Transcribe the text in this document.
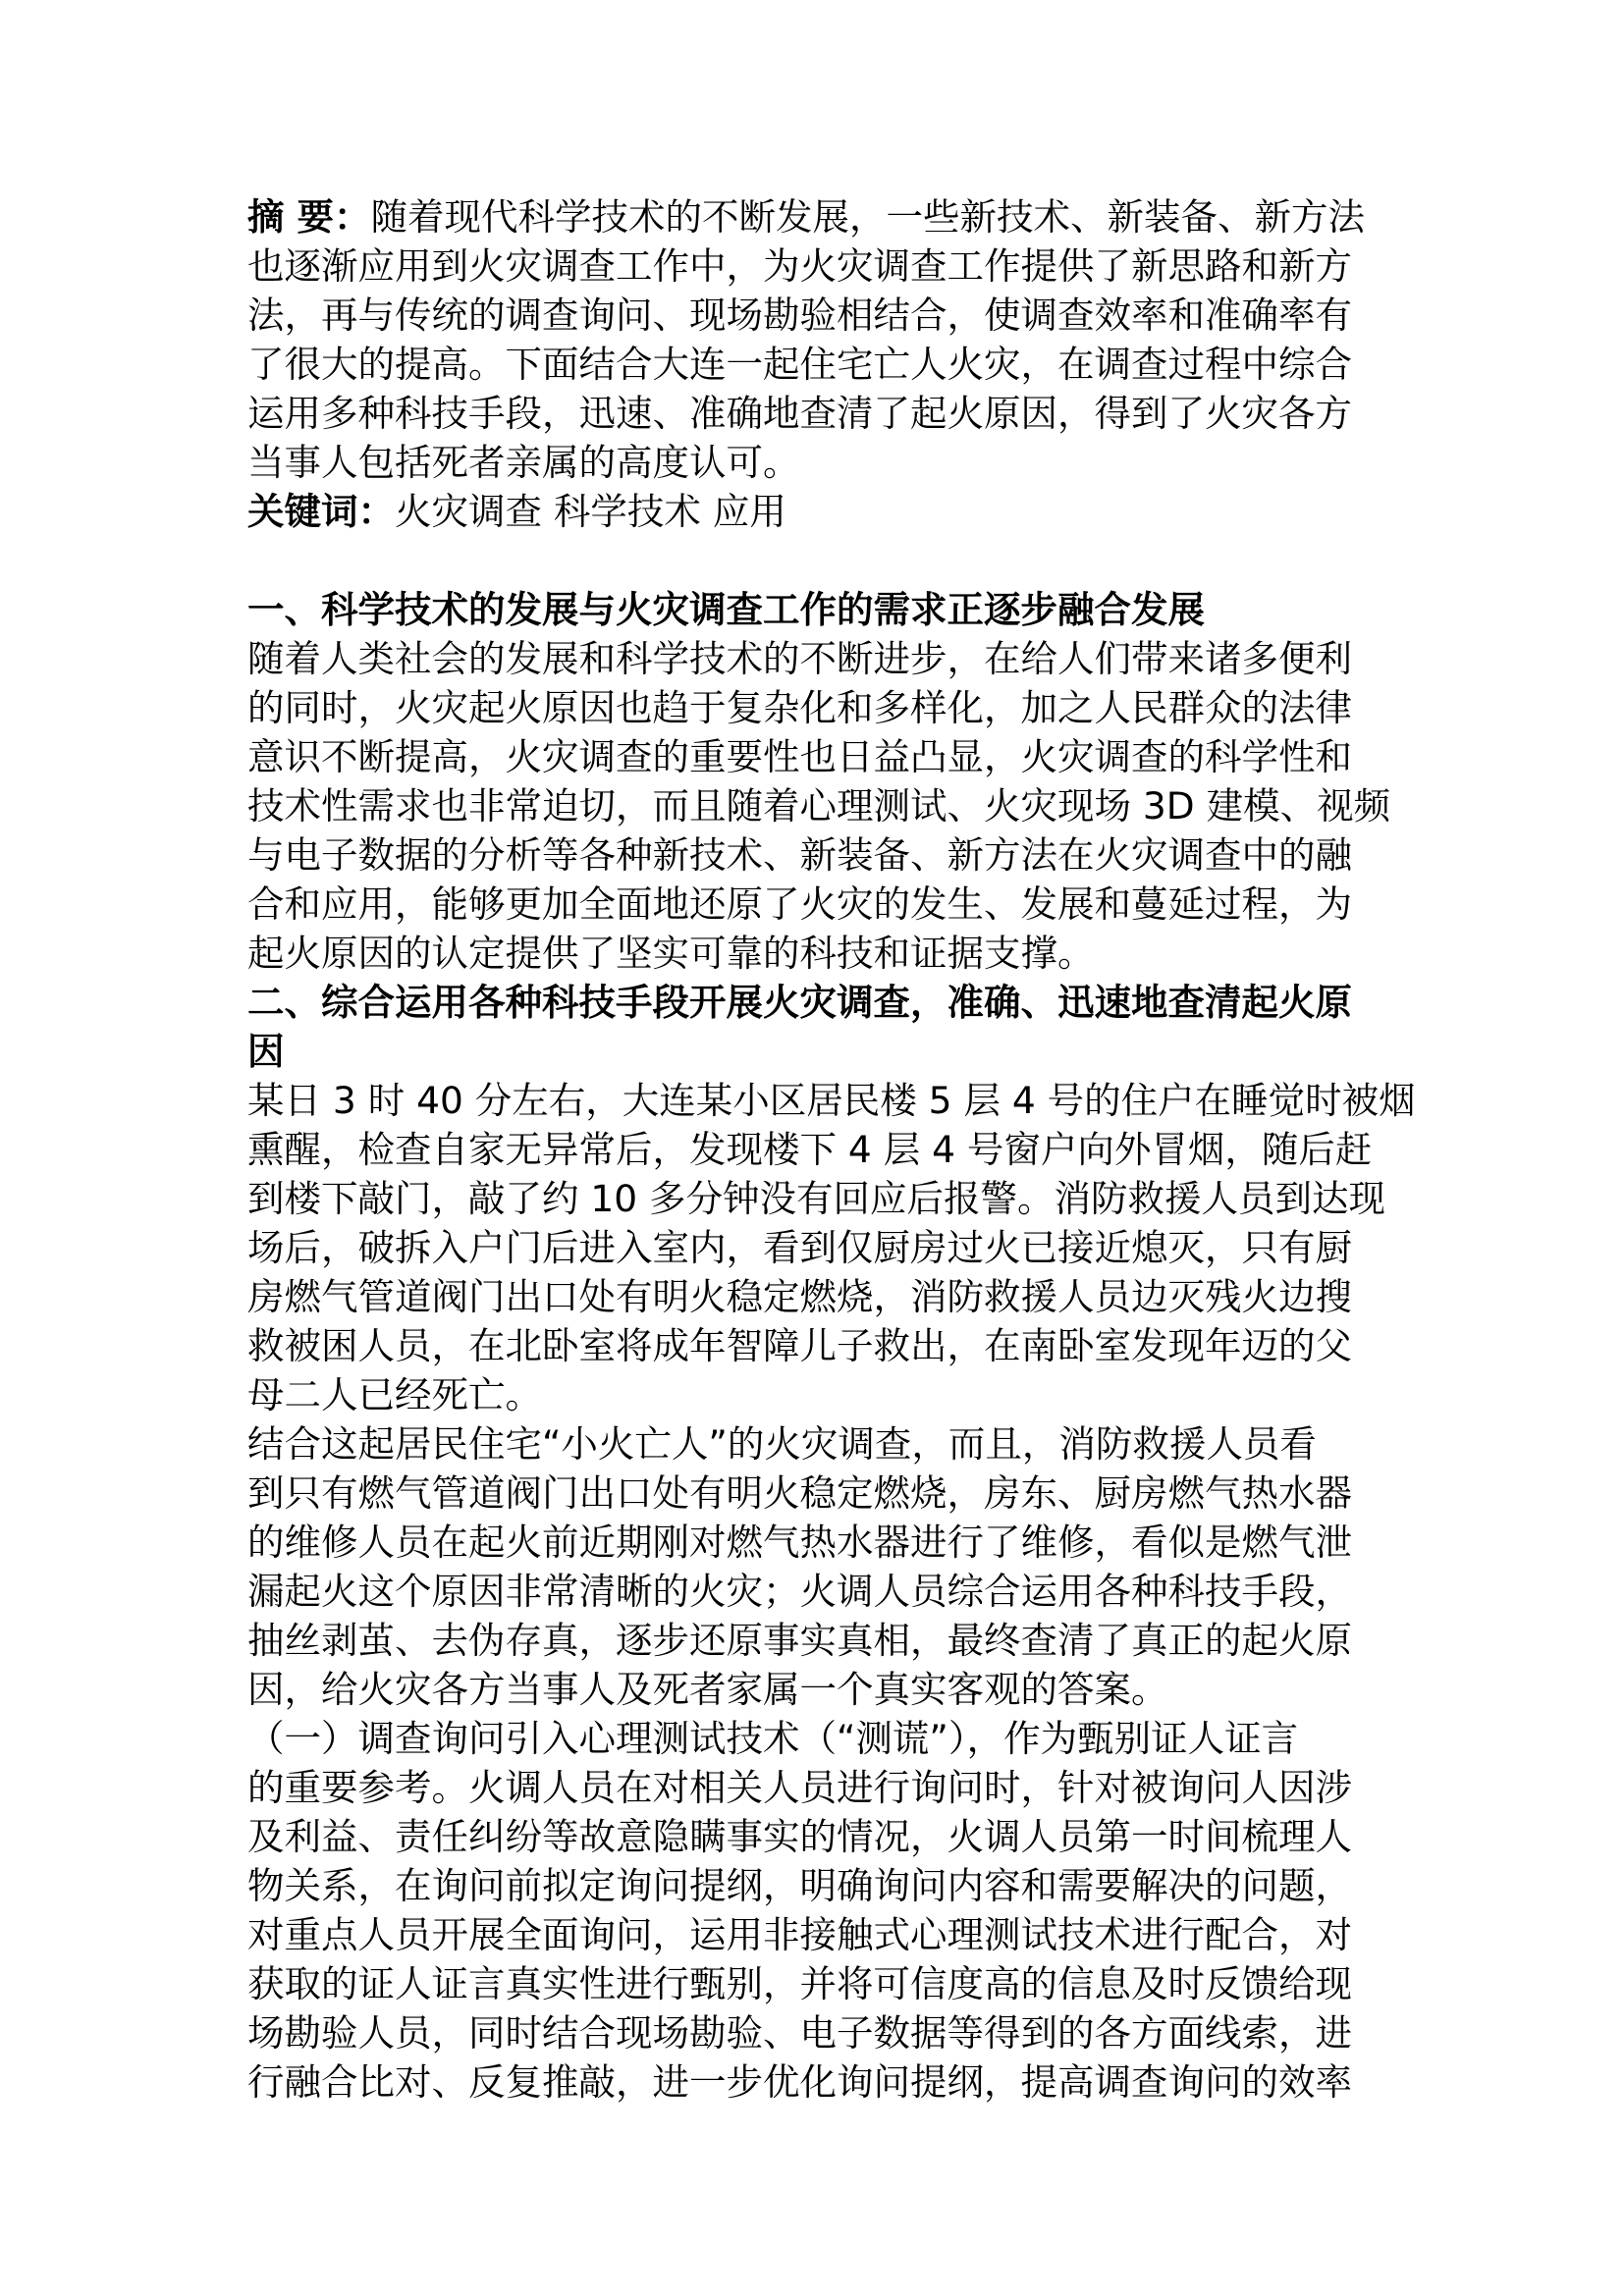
摘 要：随着现代科学技术的不断发展，一些新技术、新装备、新方法
也逐渐应用到火灾调查工作中，为火灾调查工作提供了新思路和新方
法，再与传统的调查询问、现场勘验相结合，使调查效率和准确率有
了很大的提高。下面结合大连一起住宅亡人火灾，在调查过程中综合
运用多种科技手段，迅速、准确地查清了起火原因，得到了火灾各方
当事人包括死者亲属的高度认可。
关键词：火灾调查 科学技术 应用
一、科学技术的发展与火灾调查工作的需求正逐步融合发展
随着人类社会的发展和科学技术的不断进步，在给人们带来诸多便利
的同时，火灾起火原因也趋于复杂化和多样化，加之人民群众的法律
意识不断提高，火灾调查的重要性也日益凸显，火灾调查的科学性和
技术性需求也非常迫切，而且随着心理测试、火灾现场 3D 建模、视频
与电子数据的分析等各种新技术、新装备、新方法在火灾调查中的融
合和应用，能够更加全面地还原了火灾的发生、发展和蔓延过程，为
起火原因的认定提供了坚实可靠的科技和证据支撑。
二、综合运用各种科技手段开展火灾调查，准确、迅速地查清起火原
因
某日 3 时 40 分左右，大连某小区居民楼 5 层 4 号的住户在睡觉时被烟
熏醒，检查自家无异常后，发现楼下 4 层 4 号窗户向外冒烟，随后赶
到楼下敲门，敲了约 10 多分钟没有回应后报警。消防救援人员到达现
场后，破拆入户门后进入室内，看到仅厨房过火已接近熄灭，只有厨
房燃气管道阀门出口处有明火稳定燃烧，消防救援人员边灭残火边搜
救被困人员，在北卧室将成年智障儿子救出，在南卧室发现年迈的父
母二人已经死亡。
结合这起居民住宅“小火亡人”的火灾调查，而且，消防救援人员看
到只有燃气管道阀门出口处有明火稳定燃烧，房东、厨房燃气热水器
的维修人员在起火前近期刚对燃气热水器进行了维修，看似是燃气泄
漏起火这个原因非常清晰的火灾；火调人员综合运用各种科技手段，
抽丝剥茧、去伪存真，逐步还原事实真相，最终查清了真正的起火原
因，给火灾各方当事人及死者家属一个真实客观的答案。
（一）调查询问引入心理测试技术（“测谎”），作为甄别证人证言
的重要参考。火调人员在对相关人员进行询问时，针对被询问人因涉
及利益、责任纠纷等故意隐瞒事实的情况，火调人员第一时间梳理人
物关系，在询问前拟定询问提纲，明确询问内容和需要解决的问题，
对重点人员开展全面询问，运用非接触式心理测试技术进行配合，对
获取的证人证言真实性进行甄别，并将可信度高的信息及时反馈给现
场勘验人员，同时结合现场勘验、电子数据等得到的各方面线索，进
行融合比对、反复推敲，进一步优化询问提纲，提高调查询问的效率
